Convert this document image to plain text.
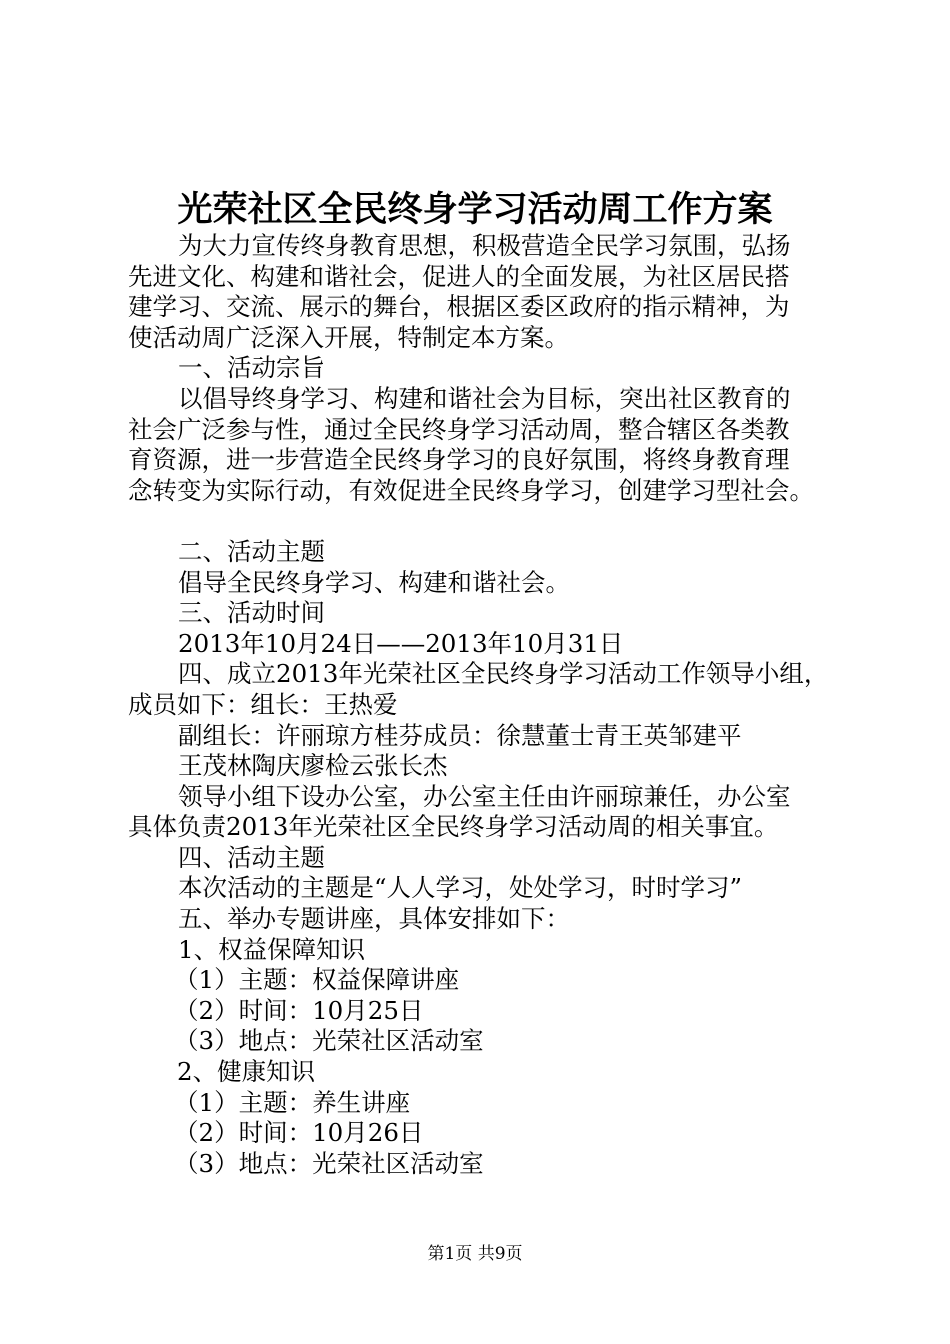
光荣社区全民终身学习活动周工作方案
为大力宣传终身教育思想，积极营造全民学习氛围，弘扬
先进文化、构建和谐社会，促进人的全面发展，为社区居民搭
建学习、交流、展示的舞台，根据区委区政府的指示精神，为
使活动周广泛深入开展，特制定本方案。
一、活动宗旨
以倡导终身学习、构建和谐社会为目标，突出社区教育的
社会广泛参与性，通过全民终身学习活动周，整合辖区各类教
育资源，进一步营造全民终身学习的良好氛围，将终身教育理
念转变为实际行动，有效促进全民终身学习，创建学习型社会。
二、活动主题
倡导全民终身学习、构建和谐社会。
三、活动时间
2013年10月24日——2013年10月31日
四、成立2013年光荣社区全民终身学习活动工作领导小组，
成员如下：组长：王热爱
副组长：许丽琼方桂芬成员：徐慧董士青王英邹建平
王茂林陶庆廖检云张长杰
领导小组下设办公室，办公室主任由许丽琼兼任，办公室
具体负责2013年光荣社区全民终身学习活动周的相关事宜。
四、活动主题
本次活动的主题是“人人学习，处处学习，时时学习”
五、举办专题讲座，具体安排如下：
1、权益保障知识
（1）主题：权益保障讲座
（2）时间：10月25日
（3）地点：光荣社区活动室
2、健康知识
（1）主题：养生讲座
（2）时间：10月26日
（3）地点：光荣社区活动室
第1页 共9页
